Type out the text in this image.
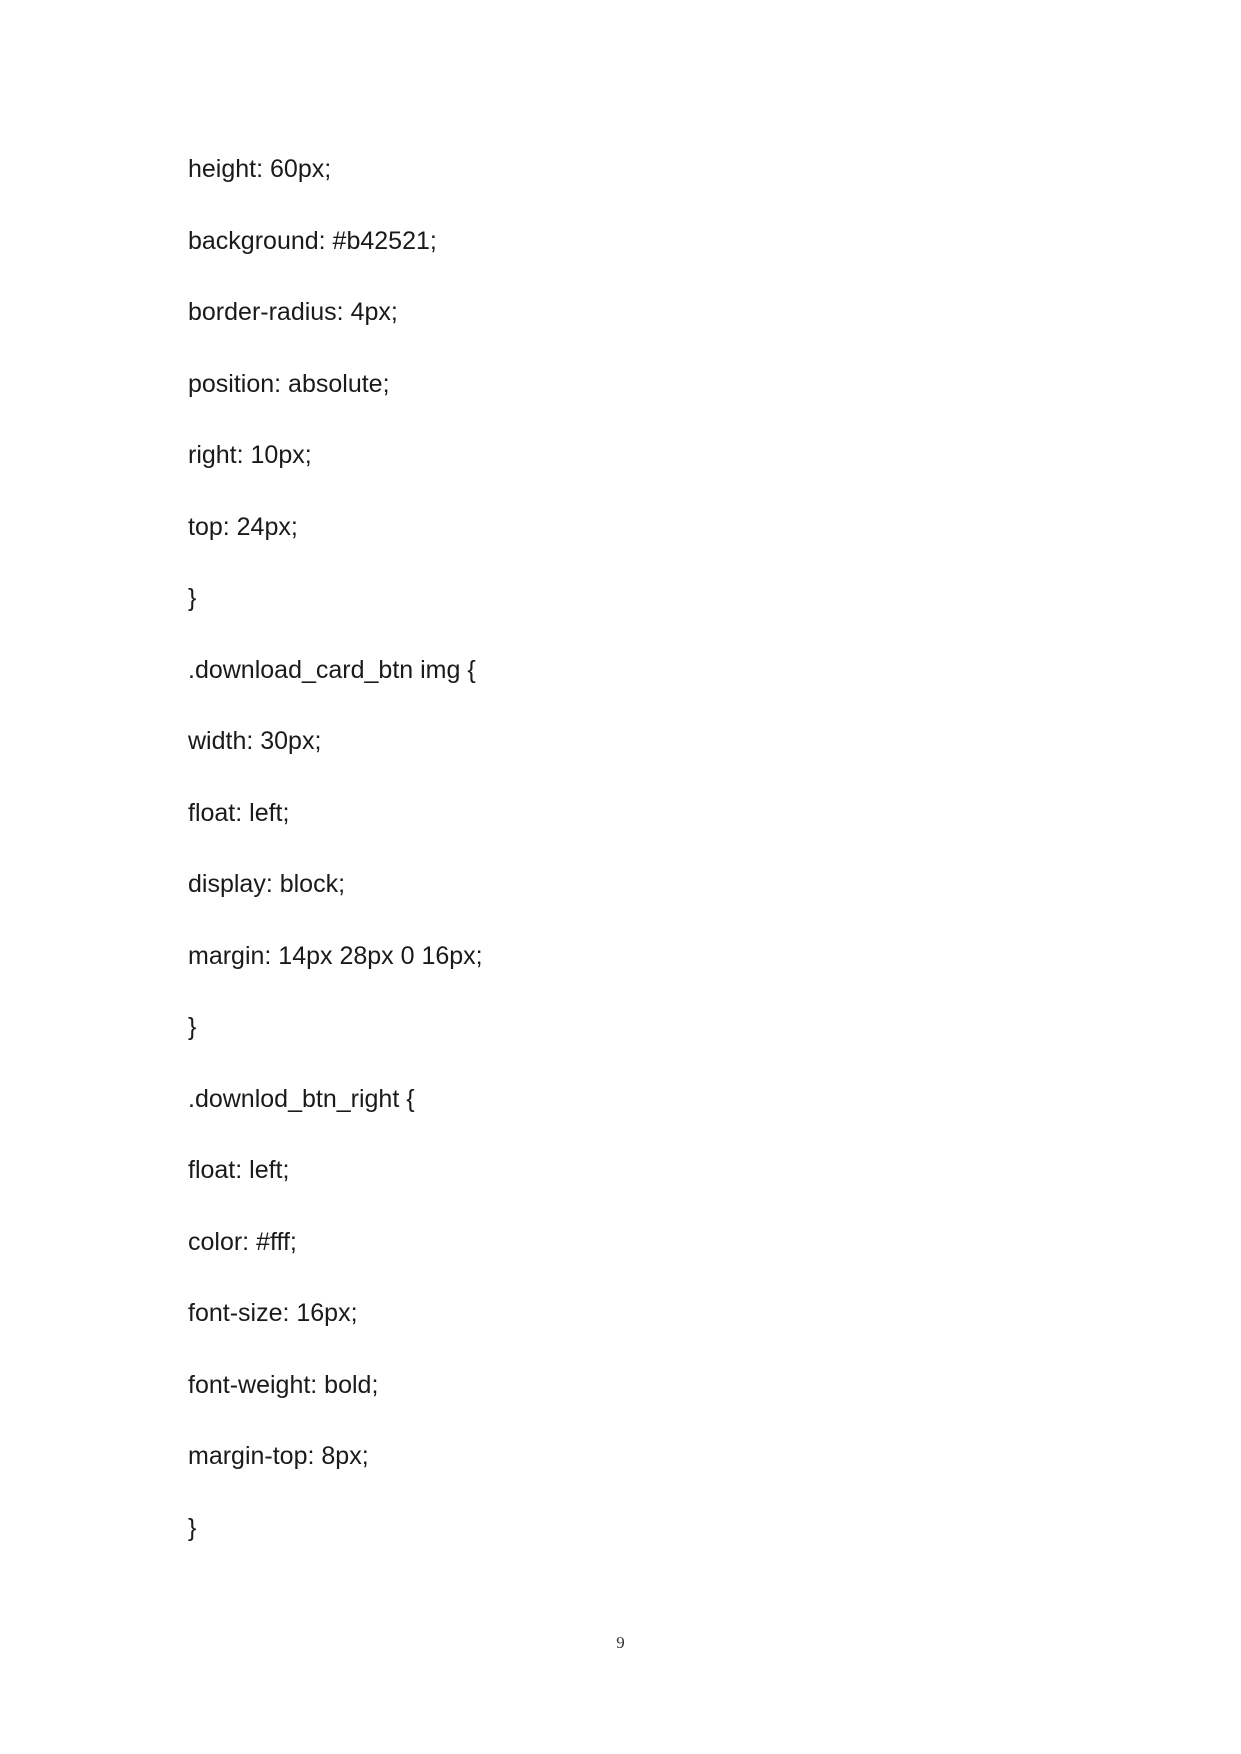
height: 60px;
background: #b42521;
border-radius: 4px;
position: absolute;
right: 10px;
top: 24px;
}
.download_card_btn img {
width: 30px;
float: left;
display: block;
margin: 14px 28px 0 16px;
}
.downlod_btn_right {
float: left;
color: #fff;
font-size: 16px;
font-weight: bold;
margin-top: 8px;
}
9
